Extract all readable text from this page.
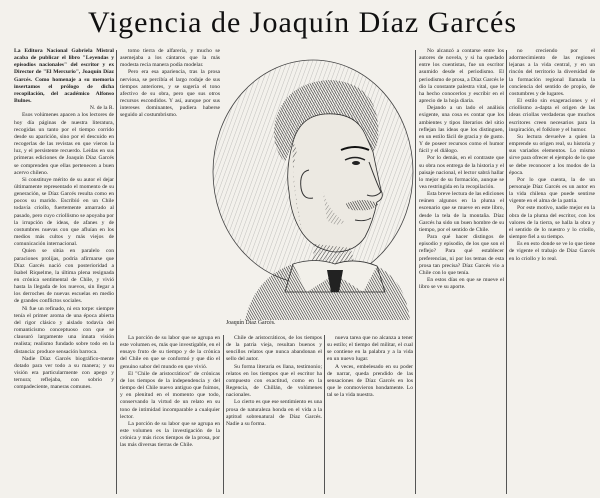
Vigencia de Joaquín Díaz Garcés

La Editora Nacional Gabriela Mistral acaba de publicar el libro "Leyendas y episodios nacionales" del escritor y ex Director de "El Mercurio", Joaquín Díaz Garcés. Como homenaje a su memoria insertamos el prólogo de dicha recopilación, del académico Alfonso Bulnes.

N. de la R.

Esos volúmenes apacen a los lectores de hoy día páginas de nuestra literatura, recogidas un tanto por el tiempo corrido desde su aparición, sino por el descuido en recogerlas de las revistas en que vieron la luz, y el persistente recuerdo. Leídas en sus primeras ediciones de Joaquín Díaz Garcés se comprenden que ellas pertenecen a buen acervo chileno.

Si constituye mérito de su autor el dejar últimamente representado el momento de su generación, se Díaz Garcés resulta como en pocos su marido. Escribió en un Chile todavía criollo, fuertemente amarrado al pasado, pero cuyo criollismo se apoyaba por la irrupción de ideas, de afanes y de costumbres nuevas con que afluían en los medios más cultos y más viejos de comunicación internacional.

Quien se sitúa en paralelo con paraciones prolijas, podría afirmarse que Díaz Garcés nació con posterioridad a Isabel Riquelme, la última plena resignada en crónica sentimental de Chile, y vivió hasta la llegada de los nuevos, sin llegar a los derroches de nuevas escuelas en medio de grandes conflictos sociales.

Ni fue un refinado, ni era torpe: siempre tenía el primer aroma de una época abierta del rigor clásico y aislado todavía del romanticismo conceptuoso con que se clausuró largamente una innata visión realista; realismo fundado sobre todo en la distancia: produce sensación barroca.

Nadie Díaz Garcés biográfico-mente dotado para ver todo a su manera; y su visión era particularmente con apego y ternura; reflejaba, con sobrio y compadeciente, maneras comunes.

tomo tierra de alfarería, y mucho se asemejaba a los cántaros que la más modesta recia manera podía modelar.

Pero era esa apariencia, tras la prosa nerviosa, se percibía el largo rodaje de sus tiempos anteriores, y se sugería el tono afectivo de su obra, pero que sus otros recursos escondidos. Y así, aunque por sus intereses dominantes, pudiera haberse seguido al costumbrismo.

La porción de su labor que se agrupa en este volumen es, más que investigable, en el ensayo fruto de su tiempo y de la crónica del Chile en que se conformó y que dio el genuino sabor del mundo en que vivió.

El "Chile de aristocráticos" de crónicas de los tiempos de la independencia y del tiempo del Chile nuevo antiguo que fuimos, y en plenitud en el momento que todo, conservando la virtud de un relato en su tono de intimidad incomparable a cualquier lector.

La porción de su labor que se agrupa en este volumen es la investigación de la crónica y más ricos tiempos de la prosa, por las más diversas tierras de Chile.

Chile de aristocráticos, de los tiempos de la patria vieja, resultan buenos y sencillos relatos que nunca abandonan el sello del autor.

Su forma literaria es llana, testimonio; relatos en los tiempos que el escritor ha compuesto con exactitud, como en la Regencia, de Chillán, de volúmenes nacionales.

Lo cierto es que ese sentimiento es una prosa de naturaleza honda en el vida a la aptitud sobrenatural de Díaz Garcés. Nadie a su forma.

nueva tarea que no alcanza a tener su estilo; el tiempo del militar, el cual se contiene en la palabra y a la vida en un nuevo lugar.

A veces, embelesado en su poder de narrar, queda prendido de las sensaciones de Díaz Garcés en los que le conmovieron hondamente. Lo tal se la vida nuestra.

No alcanzó a contarse entre los autores de novela, y si ha quedado entre los cuentistas, fue un escritor asumido desde el periodismo. El periodismo de prosa, a Díaz Garcés le dio la constante palestra vital, que le ha hecho conocerlos y escribir en el aprecio de la hoja diaria.

Dejando a un lado el análisis exigente, una cosa es contar que los ambientes y tipos literarios del sitio reflejan las ideas que los distinguen, en un estilo fácil de gracia y de gusto. Y de poseer recursos como el humor fácil y el diálogo.

Por lo demás, en el contraste que su obra nos entrega de la historia y el paisaje nacional, el lector sabrá hallar lo mejor de su formación, aunque se vea restringida en la recopilación.

Esta breve lectura de las ediciones reúnen algunos en la pluma el escenario que se mueve en este libro, desde la tela de la montaña. Díaz Garcés ha sido un buen hombre de su tiempo, por el sentido de Chile.

Para qué hacer distingos de episodio y episodio, de los que son el reflejo? Para qué establecer preferencias, ni por los temas de esta prosa tan precisa? Díaz Garcés vio a Chile con lo que tenía.

En estos días en que se mueve el libro se ve su aporte.

no creciendo por el adormecimiento de las regiones lejanas a la vida central, y en un rincón del territorio la diversidad de la formación regional llamada la conciencia del sentido de propio, de costumbres y de lugares.

El estilo sin exageraciones y el criollismo a-dapta el origen de las ideas criollas verdaderas que muchos escritores creen necesarios para la inspiración, el folklore y el humor.

Su lectura devuelve a quien la emprende su origen real, su historia y sus variados elementos. Lo mismo sirve para ofrecer el ejemplo de lo que se debe reconocer a los modos de la época.

Por lo que cuenta, la de un personaje Díaz Garcés es un autor en la vida chilena que puede sentirse vigente en el alma de la patria.

Por este motivo, nadie mejor en la obra de la pluma del escritor, con los valores de la tierra, se halla la obra y el sentido de lo nuestro y lo criollo, siempre fiel a su tiempo.

Es en esto donde se ve lo que tiene de vigente el trabajo de Díaz Garcés en lo criollo y lo real.

Joaquín Díaz Garcés.
